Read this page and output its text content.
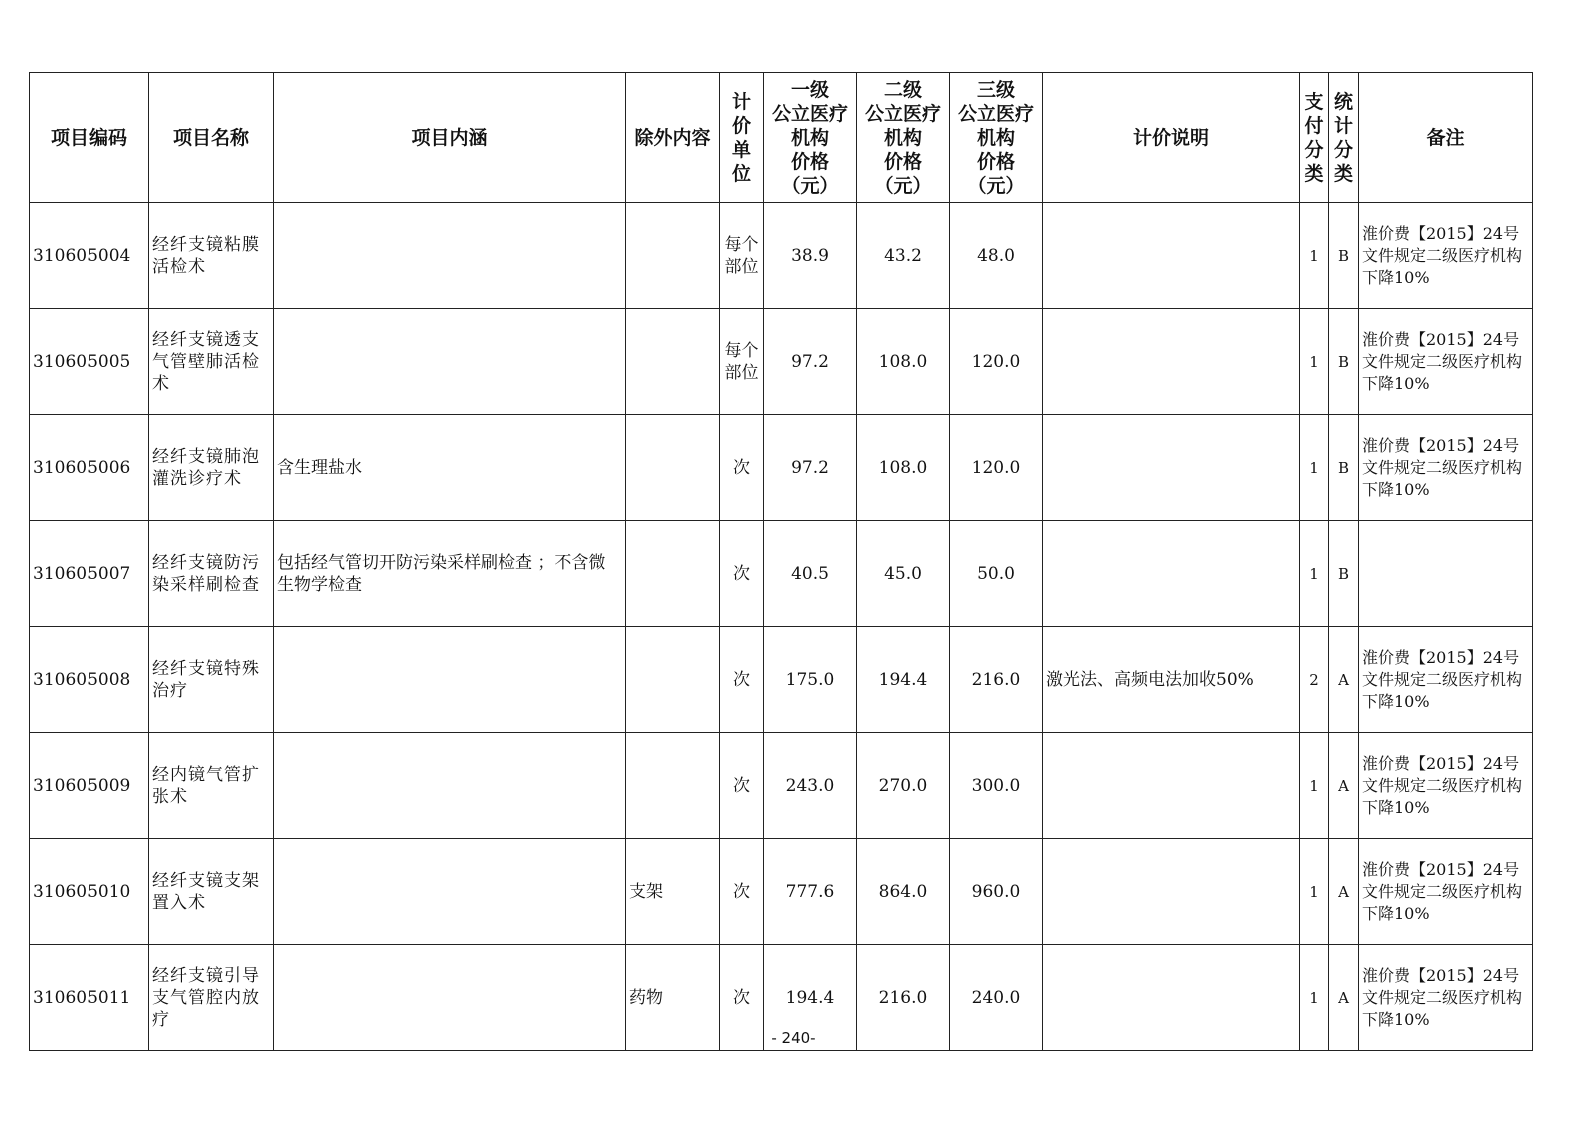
项目编码	项目名称	项目内涵	除外内容	计价单位	一级
公立医疗
机构
价格
（元）	二级
公立医疗
机构
价格
（元）	三级
公立医疗
机构
价格
（元）	计价说明	支付分类	统计分类	备注
310605004	经纤支镜粘膜活检术			每个部位	38.9	43.2	48.0		1	B	淮价费【2015】24号文件规定二级医疗机构下降10%
310605005	经纤支镜透支气管壁肺活检术			每个部位	97.2	108.0	120.0		1	B	淮价费【2015】24号文件规定二级医疗机构下降10%
310605006	经纤支镜肺泡灌洗诊疗术	含生理盐水		次	97.2	108.0	120.0		1	B	淮价费【2015】24号文件规定二级医疗机构下降10%
310605007	经纤支镜防污染采样刷检查	包括经气管切开防污染采样刷检查 ；不含微生物学检查		次	40.5	45.0	50.0		1	B	
310605008	经纤支镜特殊治疗			次	175.0	194.4	216.0	激光法、高频电法加收50%	2	A	淮价费【2015】24号文件规定二级医疗机构下降10%
310605009	经内镜气管扩张术			次	243.0	270.0	300.0		1	A	淮价费【2015】24号文件规定二级医疗机构下降10%
310605010	经纤支镜支架置入术		支架	次	777.6	864.0	960.0		1	A	淮价费【2015】24号文件规定二级医疗机构下降10%
310605011	经纤支镜引导支气管腔内放疗		药物	次	194.4	216.0	240.0		1	A	淮价费【2015】24号文件规定二级医疗机构下降10%
- 240-
